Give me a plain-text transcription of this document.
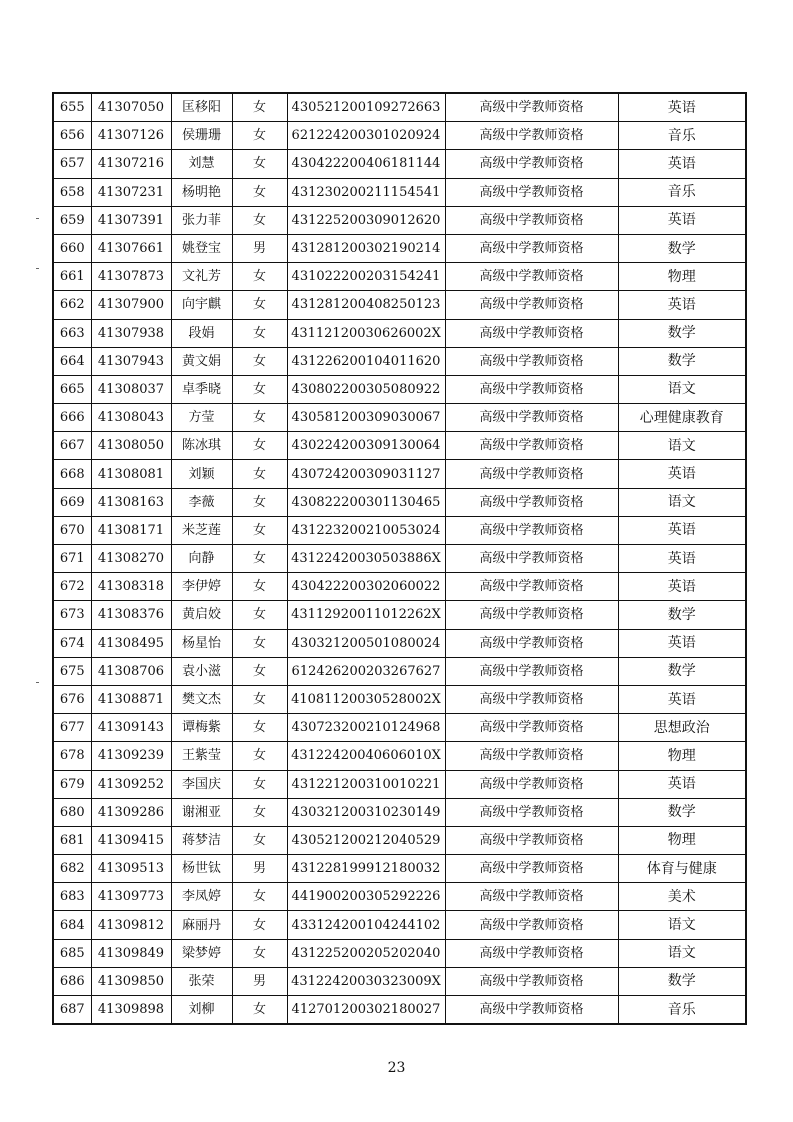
655	41307050	匡移阳	女	430521200109272663	高级中学教师资格	英语
656	41307126	侯珊珊	女	621224200301020924	高级中学教师资格	音乐
657	41307216	刘慧	女	430422200406181144	高级中学教师资格	英语
658	41307231	杨明艳	女	431230200211154541	高级中学教师资格	音乐
659	41307391	张力菲	女	431225200309012620	高级中学教师资格	英语
660	41307661	姚登宝	男	431281200302190214	高级中学教师资格	数学
661	41307873	文礼芳	女	431022200203154241	高级中学教师资格	物理
662	41307900	向宇麒	女	431281200408250123	高级中学教师资格	英语
663	41307938	段娟	女	43112120030626002X	高级中学教师资格	数学
664	41307943	黄文娟	女	431226200104011620	高级中学教师资格	数学
665	41308037	卓季晓	女	430802200305080922	高级中学教师资格	语文
666	41308043	方莹	女	430581200309030067	高级中学教师资格	心理健康教育
667	41308050	陈冰琪	女	430224200309130064	高级中学教师资格	语文
668	41308081	刘颖	女	430724200309031127	高级中学教师资格	英语
669	41308163	李薇	女	430822200301130465	高级中学教师资格	语文
670	41308171	米芝莲	女	431223200210053024	高级中学教师资格	英语
671	41308270	向静	女	43122420030503886X	高级中学教师资格	英语
672	41308318	李伊婷	女	430422200302060022	高级中学教师资格	英语
673	41308376	黄启姣	女	43112920011012262X	高级中学教师资格	数学
674	41308495	杨星怡	女	430321200501080024	高级中学教师资格	英语
675	41308706	袁小滋	女	612426200203267627	高级中学教师资格	数学
676	41308871	樊文杰	女	41081120030528002X	高级中学教师资格	英语
677	41309143	谭梅紫	女	430723200210124968	高级中学教师资格	思想政治
678	41309239	王紫莹	女	43122420040606010X	高级中学教师资格	物理
679	41309252	李国庆	女	431221200310010221	高级中学教师资格	英语
680	41309286	谢湘亚	女	430321200310230149	高级中学教师资格	数学
681	41309415	蒋梦洁	女	430521200212040529	高级中学教师资格	物理
682	41309513	杨世钛	男	431228199912180032	高级中学教师资格	体育与健康
683	41309773	李凤婷	女	441900200305292226	高级中学教师资格	美术
684	41309812	麻丽丹	女	433124200104244102	高级中学教师资格	语文
685	41309849	梁梦婷	女	431225200205202040	高级中学教师资格	语文
686	41309850	张荣	男	43122420030323009X	高级中学教师资格	数学
687	41309898	刘柳	女	412701200302180027	高级中学教师资格	音乐
23
